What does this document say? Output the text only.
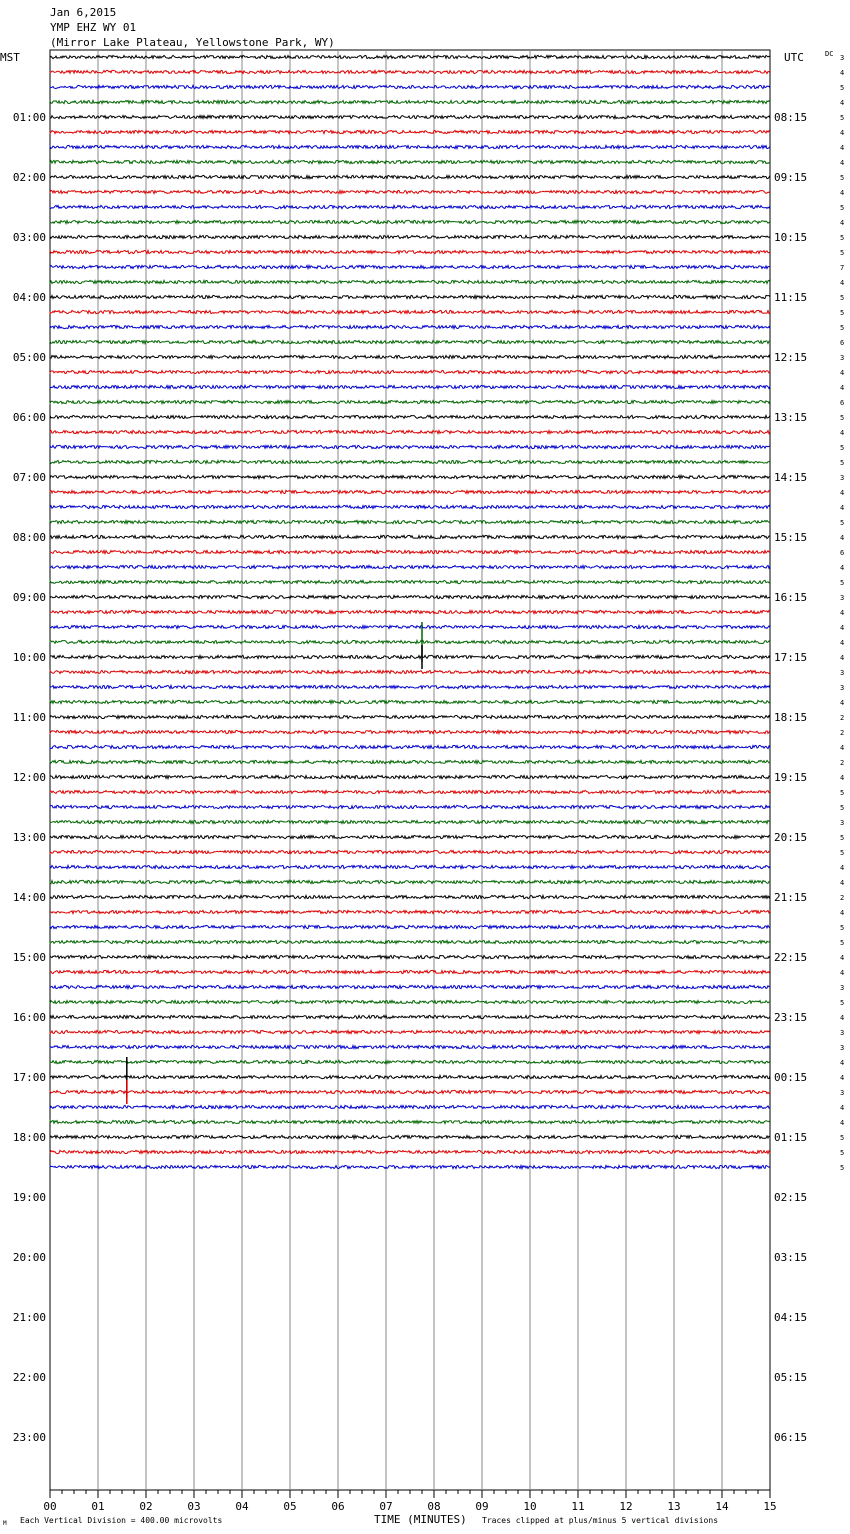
Jan 6,2015
YMP EHZ WY 01
(Mirror Lake Plateau, Yellowstone Park, WY)
MST	UTC	DC
01:00
02:00
03:00
04:00
05:00
06:00
07:00
08:00
09:00
10:00
11:00
12:00
13:00
14:00
15:00
16:00
17:00
18:00
19:00
20:00
21:00
22:00
23:00
08:15
09:15
10:15
11:15
12:15
13:15
14:15
15:15
16:15
17:15
18:15
19:15
20:15
21:15
22:15
23:15
00:15
01:15
02:15
03:15
04:15
05:15
06:15
3
4
5
4
5
4
4
4
5
4
5
4
5
5
7
4
5
5
5
6
3
4
4
6
5
4
5
5
3
4
4
5
4
6
4
5
3
4
4
4
4
3
3
4
2
2
4
2
4
5
5
3
5
5
4
4
2
4
5
5
4
4
3
5
4
3
3
4
4
3
4
4
5
5
5
00	01	02	03	04	05	06	07	08	09	10	11	12	13	14	15
M Each Vertical Division = 400.00 microvolts	TIME (MINUTES) Traces clipped at plus/minus 5 vertical divisions
